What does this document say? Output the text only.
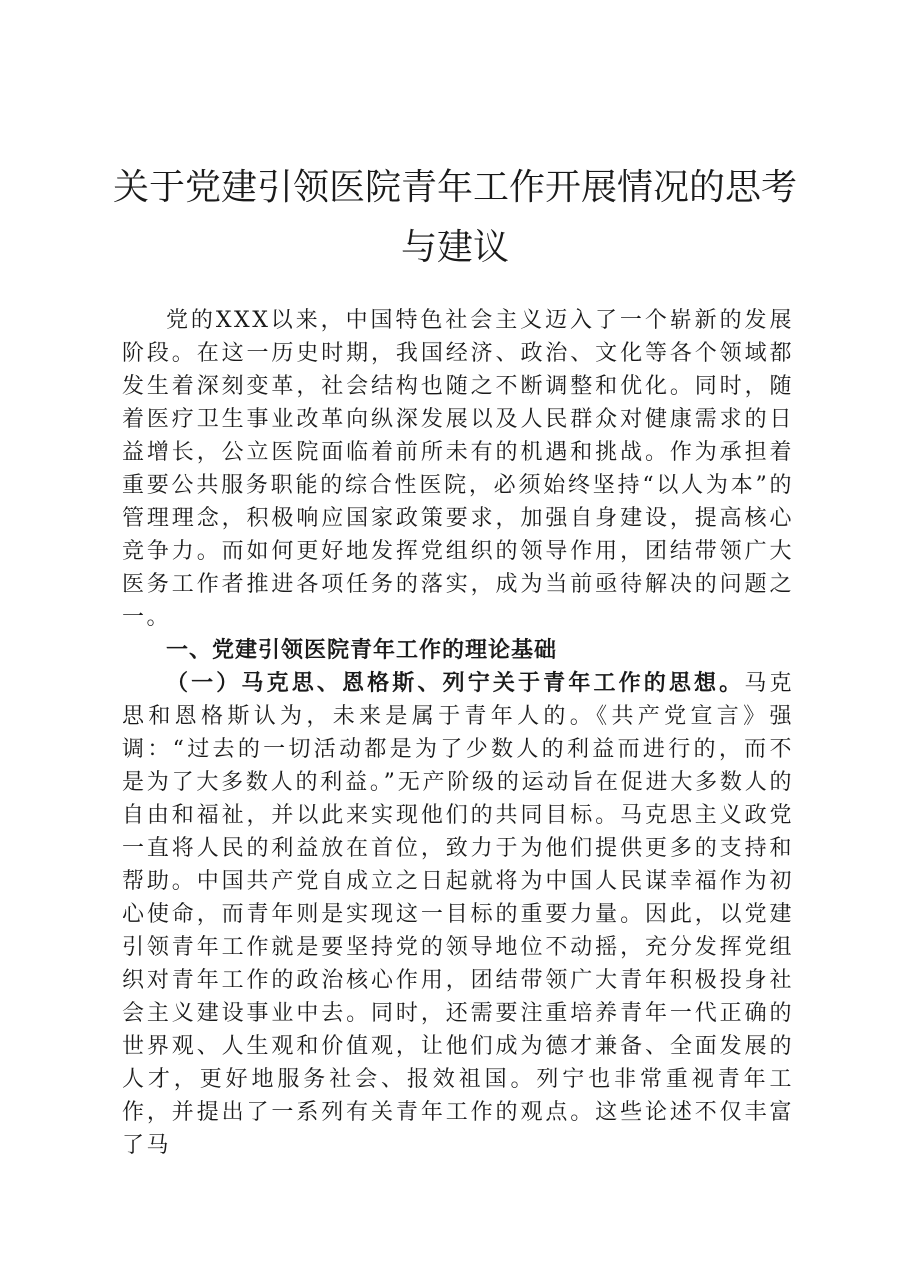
关于党建引领医院青年工作开展情况的思考与建议

党的XXX以来，中国特色社会主义迈入了一个崭新的发展阶段。在这一历史时期，我国经济、政治、文化等各个领域都发生着深刻变革，社会结构也随之不断调整和优化。同时，随着医疗卫生事业改革向纵深发展以及人民群众对健康需求的日益增长，公立医院面临着前所未有的机遇和挑战。作为承担着重要公共服务职能的综合性医院，必须始终坚持“以人为本”的管理理念，积极响应国家政策要求，加强自身建设，提高核心竞争力。而如何更好地发挥党组织的领导作用，团结带领广大医务工作者推进各项任务的落实，成为当前亟待解决的问题之一。

一、党建引领医院青年工作的理论基础

（一）马克思、恩格斯、列宁关于青年工作的思想。马克思和恩格斯认为，未来是属于青年人的。《共产党宣言》强调：“过去的一切活动都是为了少数人的利益而进行的，而不是为了大多数人的利益。”无产阶级的运动旨在促进大多数人的自由和福祉，并以此来实现他们的共同目标。马克思主义政党一直将人民的利益放在首位，致力于为他们提供更多的支持和帮助。中国共产党自成立之日起就将为中国人民谋幸福作为初心使命，而青年则是实现这一目标的重要力量。因此，以党建引领青年工作就是要坚持党的领导地位不动摇，充分发挥党组织对青年工作的政治核心作用，团结带领广大青年积极投身社会主义建设事业中去。同时，还需要注重培养青年一代正确的世界观、人生观和价值观，让他们成为德才兼备、全面发展的人才，更好地服务社会、报效祖国。列宁也非常重视青年工作，并提出了一系列有关青年工作的观点。这些论述不仅丰富了马
